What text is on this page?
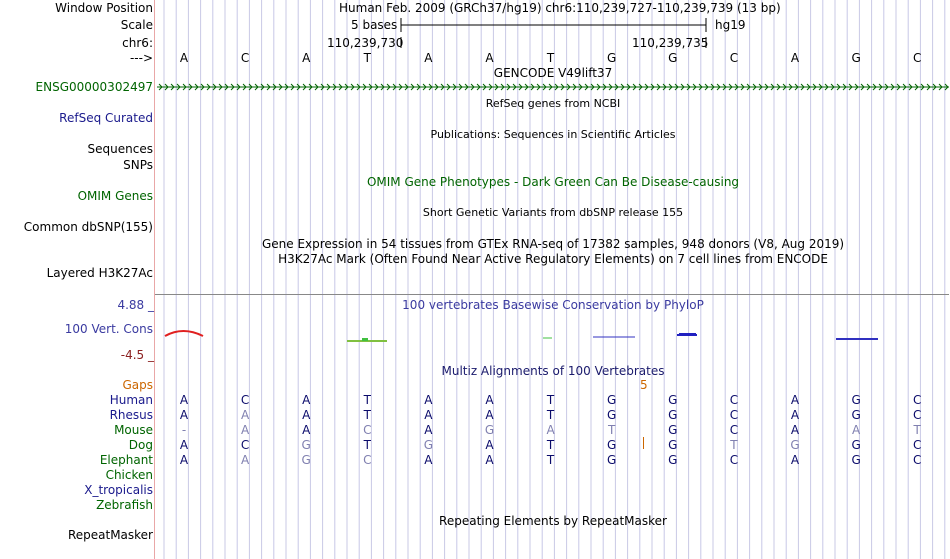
Window Position	Human Feb. 2009 (GRCh37/hg19) chr6:110,239,727-110,239,739 (13 bp)
Scale	5 bases	hg19
chr6:	110,239,730	110,239,735
--->	A	C	A	T	A	A	T	G	G	C	A	G	C
GENCODE V49lift37
ENSG00000302497
RefSeq genes from NCBI
RefSeq Curated
Publications: Sequences in Scientific Articles
Sequences
SNPs
OMIM Gene Phenotypes - Dark Green Can Be Disease-causing
OMIM Genes
Short Genetic Variants from dbSNP release 155
Common dbSNP(155)
Gene Expression in 54 tissues from GTEx RNA-seq of 17382 samples, 948 donors (V8, Aug 2019)
H3K27Ac Mark (Often Found Near Active Regulatory Elements) on 7 cell lines from ENCODE
Layered H3K27Ac
100 vertebrates Basewise Conservation by PhyloP
4.88 _
100 Vert. Cons
-4.5 _
Multiz Alignments of 100 Vertebrates
Gaps	5
Human	A	C	A	T	A	A	T	G	G	C	A	G	C
Rhesus	A	A	A	T	A	A	T	G	G	C	A	G	C
Mouse	-	A	A	C	A	G	A	T	G	C	A	A	T
Dog	A	C	G	T	G	A	T	G	G	T	G	G	C
Elephant	A	A	G	C	A	A	T	G	G	C	A	G	C
Chicken
X_tropicalis
Zebrafish
Repeating Elements by RepeatMasker
RepeatMasker
